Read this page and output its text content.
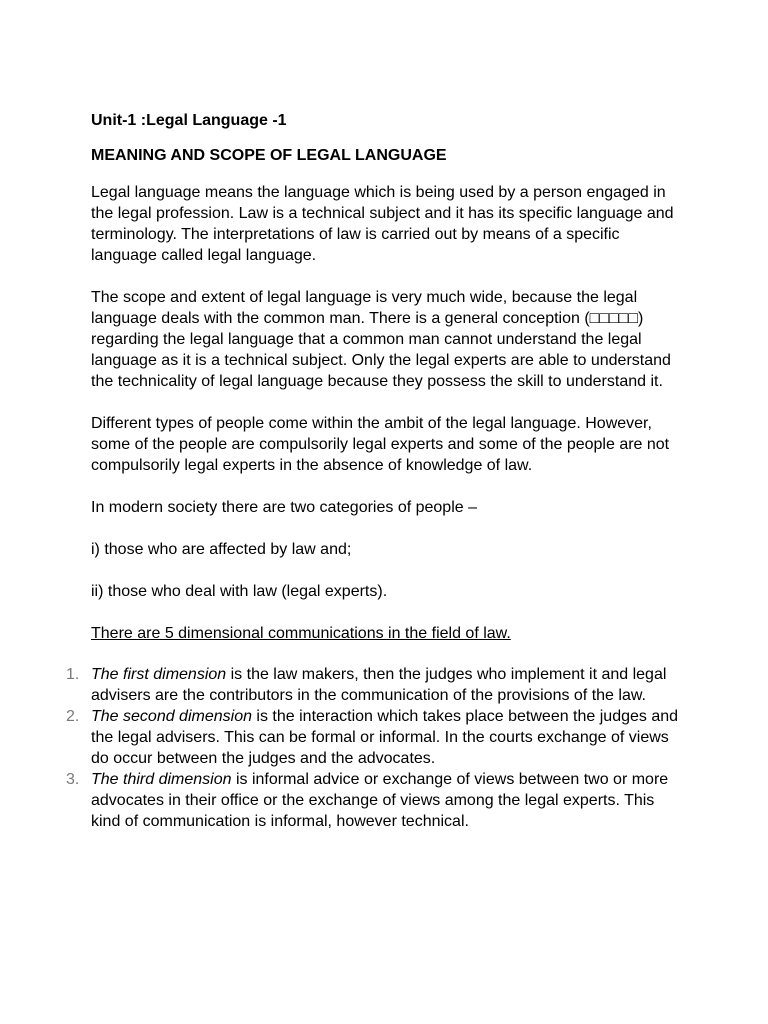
Unit-1 :Legal Language -1
MEANING AND SCOPE OF LEGAL LANGUAGE

Legal language means the language which is being used by a person engaged in the legal profession. Law is a technical subject and it has its specific language and terminology. The interpretations of law is carried out by means of a specific language called legal language.

The scope and extent of legal language is very much wide, because the legal language deals with the common man. There is a general conception (□□□□□) regarding the legal language that a common man cannot understand the legal language as it is a technical subject. Only the legal experts are able to understand the technicality of legal language because they possess the skill to understand it.

Different types of people come within the ambit of the legal language. However, some of the people are compulsorily legal experts and some of the people are not compulsorily legal experts in the absence of knowledge of law.

In modern society there are two categories of people –

i) those who are affected by law and;

ii) those who deal with law (legal experts).

There are 5 dimensional communications in the field of law.

1. The first dimension is the law makers, then the judges who implement it and legal advisers are the contributors in the communication of the provisions of the law.
2. The second dimension is the interaction which takes place between the judges and the legal advisers. This can be formal or informal. In the courts exchange of views do occur between the judges and the advocates.
3. The third dimension is informal advice or exchange of views between two or more advocates in their office or the exchange of views among the legal experts. This kind of communication is informal, however technical.
